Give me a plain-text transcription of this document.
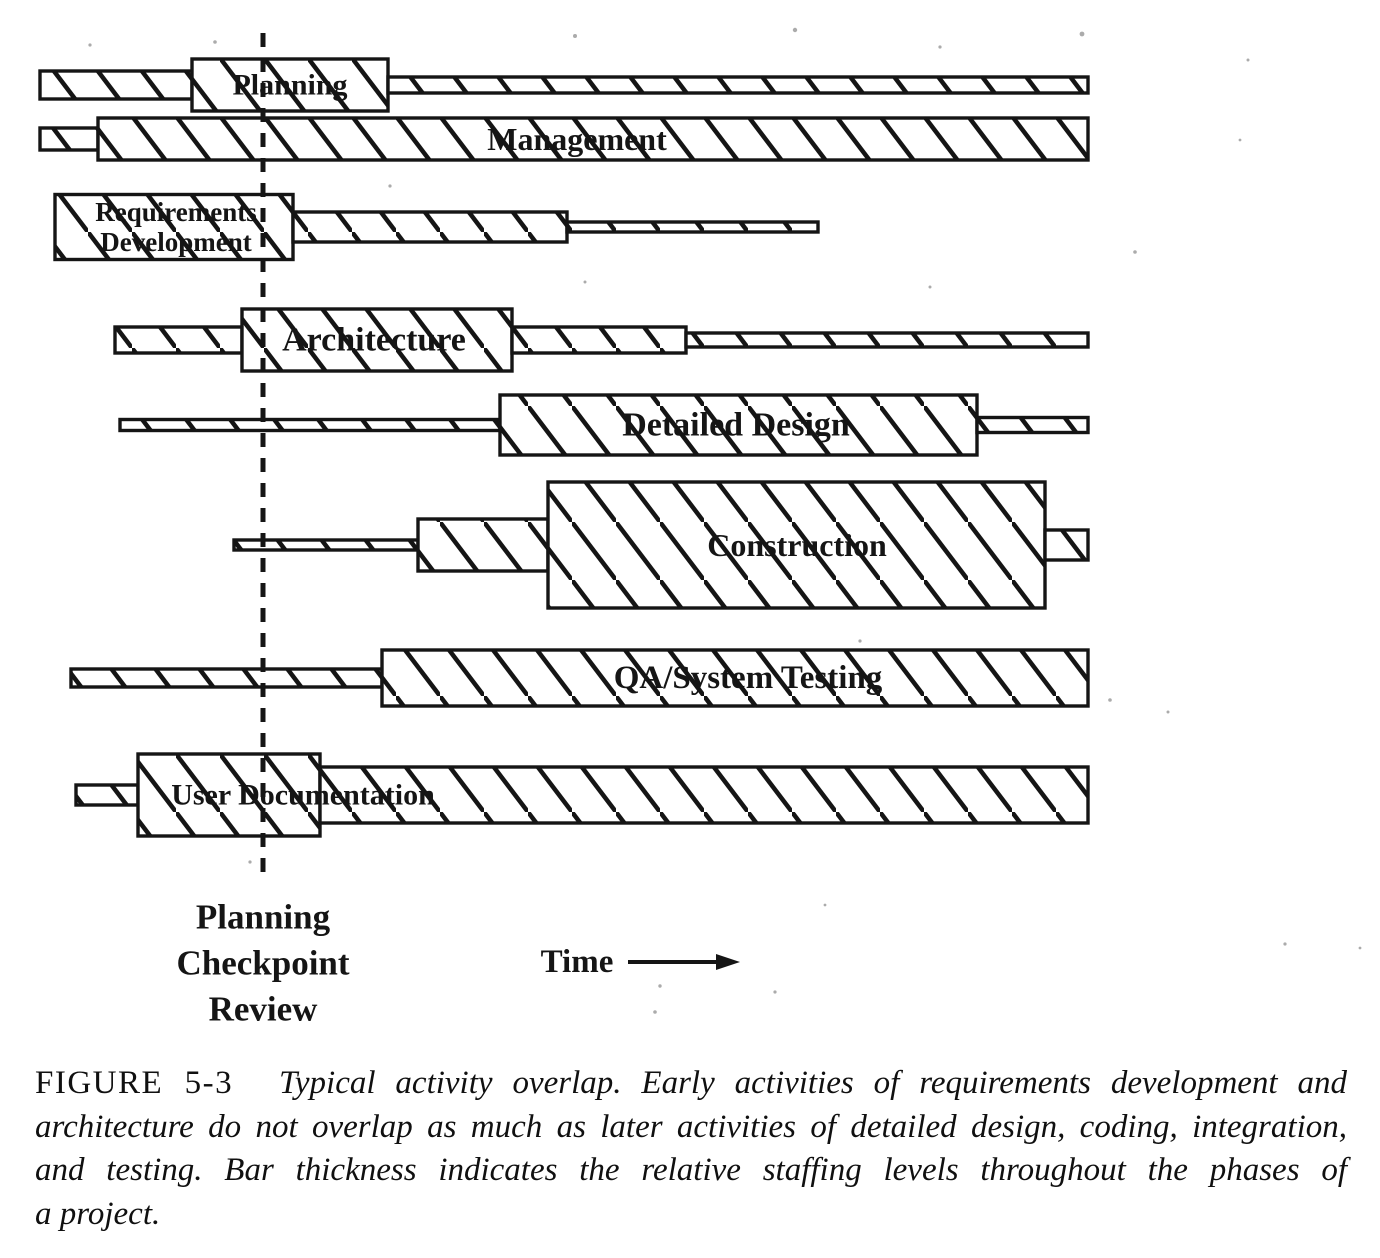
Planning
Management
Requirements
Development
Architecture
Detailed Design
Construction
QA/System Testing
User Documentation
Planning
Checkpoint
Review
Time
FIGURE 5-3 Typical activity overlap. Early activities of requirements development and
architecture do not overlap as much as later activities of detailed design, coding, integration,
and testing. Bar thickness indicates the relative staffing levels throughout the phases of
a project.
